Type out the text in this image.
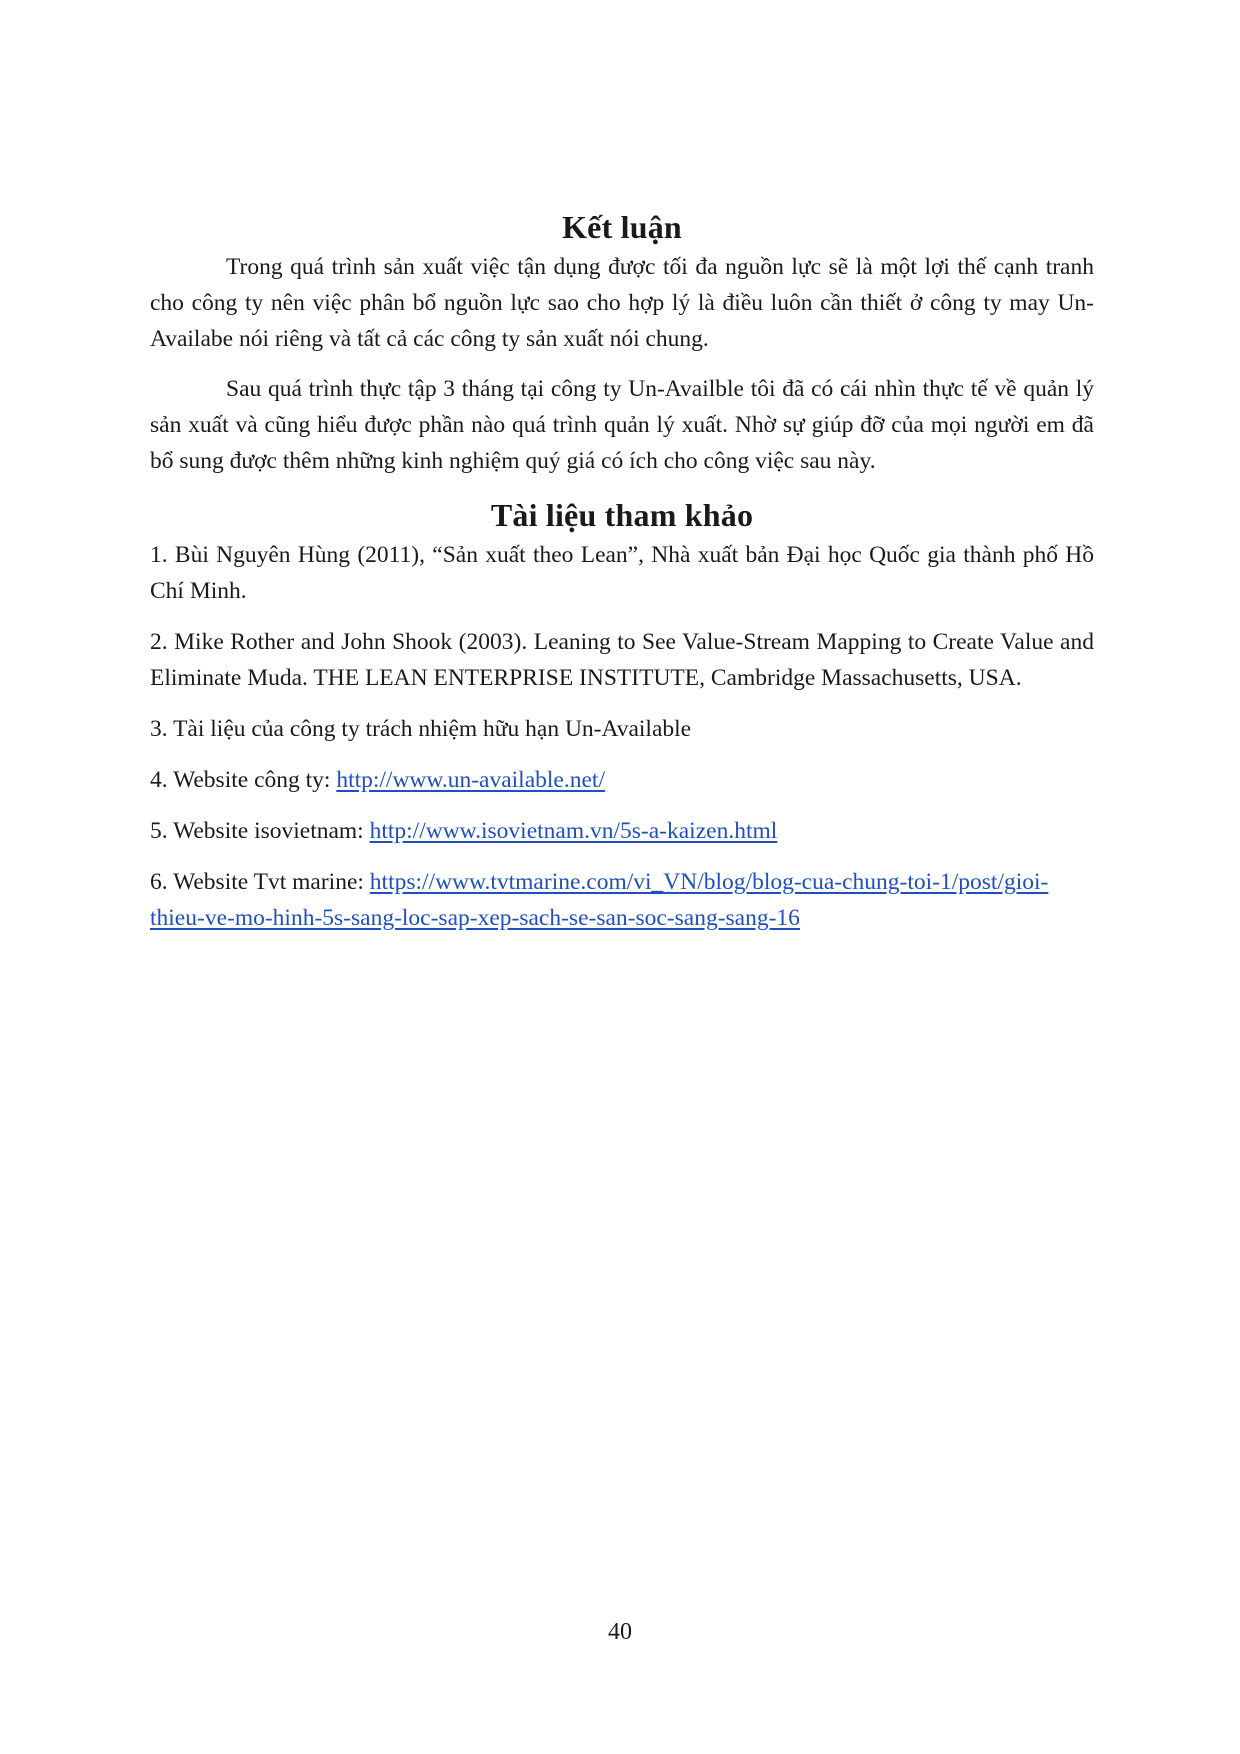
Kết luận

Trong quá trình sản xuất việc tận dụng được tối đa nguồn lực sẽ là một lợi thế cạnh tranh cho công ty nên việc phân bổ nguồn lực sao cho hợp lý là điều luôn cần thiết ở công ty may Un-Availabe nói riêng và tất cả các công ty sản xuất nói chung.

Sau quá trình thực tập 3 tháng tại công ty Un-Availble tôi đã có cái nhìn thực tế về quản lý sản xuất và cũng hiểu được phần nào quá trình quản lý xuất. Nhờ sự giúp đỡ của mọi người em đã bổ sung được thêm những kinh nghiệm quý giá có ích cho công việc sau này.

Tài liệu tham khảo

1. Bùi Nguyên Hùng (2011), “Sản xuất theo Lean”, Nhà xuất bản Đại học Quốc gia thành phố Hồ Chí Minh.

2. Mike Rother and John Shook (2003). Leaning to See Value-Stream Mapping to Create Value and Eliminate Muda. THE LEAN ENTERPRISE INSTITUTE, Cambridge Massachusetts, USA.

3. Tài liệu của công ty trách nhiệm hữu hạn Un-Available

4. Website công ty: http://www.un-available.net/

5. Website isovietnam: http://www.isovietnam.vn/5s-a-kaizen.html

6. Website Tvt marine: https://www.tvtmarine.com/vi_VN/blog/blog-cua-chung-toi-1/post/gioi-thieu-ve-mo-hinh-5s-sang-loc-sap-xep-sach-se-san-soc-sang-sang-16

40
